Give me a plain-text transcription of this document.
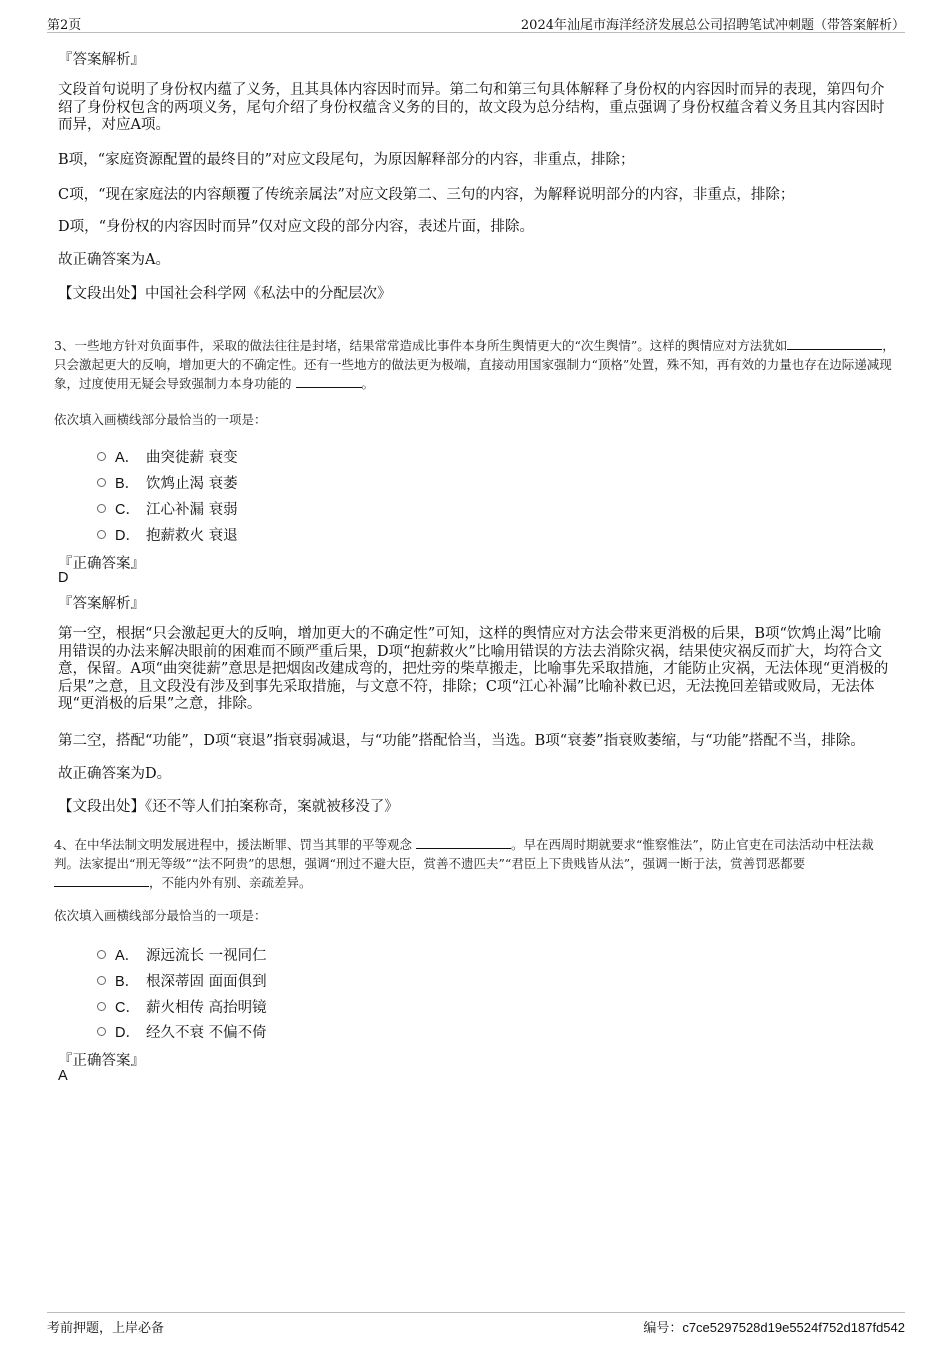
第2页	2024年汕尾市海洋经济发展总公司招聘笔试冲刺题（带答案解析）
『答案解析』
文段首句说明了身份权内蕴了义务，且其具体内容因时而异。第二句和第三句具体解释了身份权的内容因时而异的表现，第四句介绍了身份权包含的两项义务，尾句介绍了身份权蕴含义务的目的，故文段为总分结构，重点强调了身份权蕴含着义务且其内容因时而异，对应A项。
B项，“家庭资源配置的最终目的”对应文段尾句，为原因解释部分的内容，非重点，排除；
C项，“现在家庭法的内容颠覆了传统亲属法”对应文段第二、三句的内容，为解释说明部分的内容，非重点，排除；
D项，“身份权的内容因时而异”仅对应文段的部分内容，表述片面，排除。
故正确答案为A。
【文段出处】中国社会科学网《私法中的分配层次》
3、一些地方针对负面事件，采取的做法往往是封堵，结果常常造成比事件本身所生舆情更大的“次生舆情”。这样的舆情应对方法犹如	，只会激起更大的反响，增加更大的不确定性。还有一些地方的做法更为极端，直接动用国家强制力“顶格”处置，殊不知，再有效的力量也存在边际递减现象，过度使用无疑会导致强制力本身功能的	。
依次填入画横线部分最恰当的一项是：
A． 曲突徙薪 衰变
B． 饮鸩止渴 衰萎
C． 江心补漏 衰弱
D． 抱薪救火 衰退
『正确答案』
D
『答案解析』
第一空，根据“只会激起更大的反响，增加更大的不确定性”可知，这样的舆情应对方法会带来更消极的后果，B项“饮鸩止渴”比喻用错误的办法来解决眼前的困难而不顾严重后果，D项“抱薪救火”比喻用错误的方法去消除灾祸，结果使灾祸反而扩大，均符合文意，保留。A项“曲突徙薪”意思是把烟囱改建成弯的，把灶旁的柴草搬走，比喻事先采取措施，才能防止灾祸，无法体现“更消极的后果”之意，且文段没有涉及到事先采取措施，与文意不符，排除；C项“江心补漏”比喻补救已迟，无法挽回差错或败局，无法体现“更消极的后果”之意，排除。
第二空，搭配“功能”，D项“衰退”指衰弱减退，与“功能”搭配恰当，当选。B项“衰萎”指衰败萎缩，与“功能”搭配不当，排除。
故正确答案为D。
【文段出处】《还不等人们拍案称奇，案就被移没了》
4、在中华法制文明发展进程中，援法断罪、罚当其罪的平等观念	。早在西周时期就要求“惟察惟法”，防止官吏在司法活动中枉法裁判。法家提出“刑无等级”“法不阿贵”的思想，强调“刑过不避大臣，赏善不遗匹夫”“君臣上下贵贱皆从法”，强调一断于法，赏善罚恶都要，不能内外有别、亲疏差异。
依次填入画横线部分最恰当的一项是：
A． 源远流长 一视同仁
B． 根深蒂固 面面俱到
C． 薪火相传 高抬明镜
D． 经久不衰 不偏不倚
『正确答案』
A
考前押题，上岸必备	编号：c7ce5297528d19e5524f752d187fd542
